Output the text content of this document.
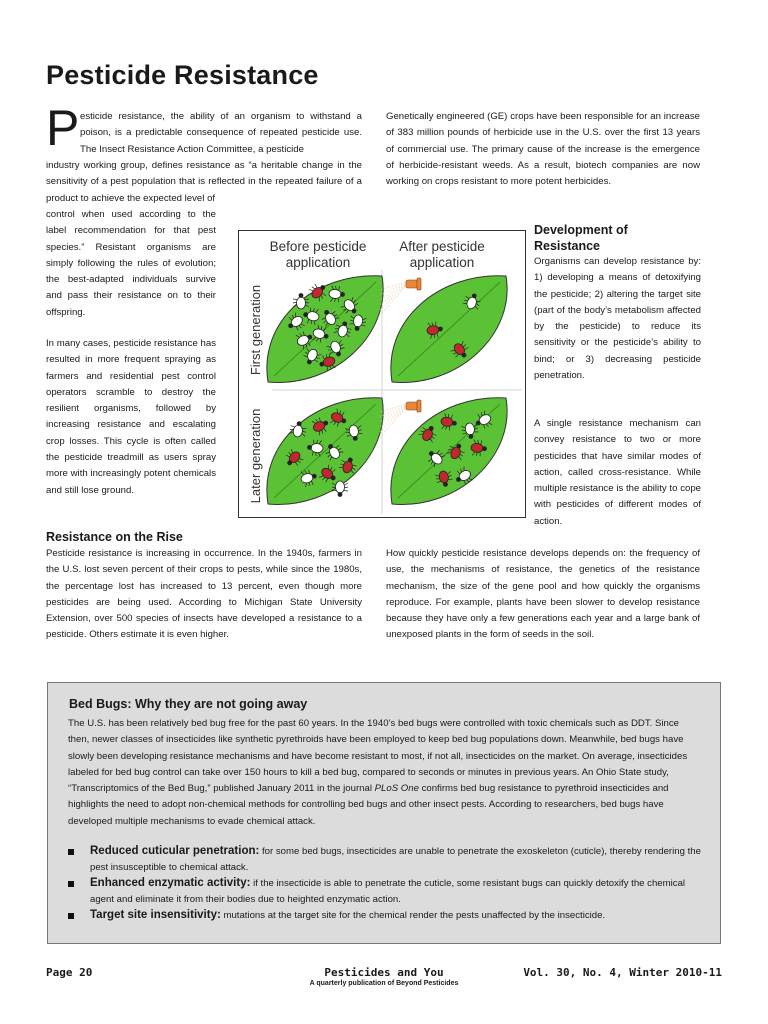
Pesticide Resistance
P esticide resistance, the ability of an organism to withstand a poison, is a predictable consequence of repeated pesticide use. The Insect Resistance Action Committee, a pesticide

industry working group, defines resistance as “a heritable change in the sensitivity of a pest population that is reflected in the repeated failure of a product to achieve the expected level of

control when used according to the label recommendation for that pest species.” Resistant organisms are simply following the rules of evolution; the best-adapted individuals survive and pass their resistance on to their offspring.

In many cases, pesticide resistance has resulted in more frequent spraying as farmers and residential pest control operators scramble to destroy the resilient organisms, followed by increasing resistance and escalating crop losses. This cycle is often called the pesticide treadmill as users spray more with increasingly potent chemicals and still lose ground.

Genetically engineered (GE) crops have been responsible for an increase of 383 million pounds of herbicide use in the U.S. over the first 13 years of commercial use. The primary cause of the increase is the emergence of herbicide-resistant weeds. As a result, biotech companies are now working on crops resistant to more potent herbicides.

Development of
Resistance

Organisms can develop resistance by: 1) developing a means of detoxifying the pesticide; 2) altering the target site (part of the body’s metabolism affected by the pesticide) to reduce its sensitivity or the pesticide’s ability to bind; or 3) decreasing pesticide penetration.

A single resistance mechanism can convey resistance to two or more pesticides that have similar modes of action, called cross-resistance. While multiple resistance is the ability to cope with pesticides of different modes of action.

Before pesticide
application
After pesticide
application
First generation
Later generation
Resistance on the Rise

Pesticide resistance is increasing in occurrence. In the 1940s, farmers in the U.S. lost seven percent of their crops to pests, while since the 1980s, the percentage lost has increased to 13 percent, even though more pesticides are being used. According to Michigan State University Extension, over 500 species of insects have developed a resistance to a pesticide. Others estimate it is even higher.

How quickly pesticide resistance develops depends on: the frequency of use, the mechanisms of resistance, the genetics of the resistance mechanism, the size of the gene pool and how quickly the organisms reproduce. For example, plants have been slower to develop resistance because they have only a few generations each year and a large bank of unexposed plants in the form of seeds in the soil.

Bed Bugs: Why they are not going away

The U.S. has been relatively bed bug free for the past 60 years. In the 1940’s bed bugs were controlled with toxic chemicals such as DDT. Since then, newer classes of insecticides like synthetic pyrethroids have been employed to keep bed bug populations down. Meanwhile, bed bugs have slowly been developing resistance mechanisms and have become resistant to most, if not all, insecticides on the market. On average, insecticides labeled for bed bug control can take over 150 hours to kill a bed bug, compared to seconds or minutes in previous years. An Ohio State study, “Transcriptomics of the Bed Bug,” published January 2011 in the journal PLoS One confirms bed bug resistance to pyrethroid insecticides and highlights the need to adopt non-chemical methods for controlling bed bugs and other insect pests. According to researchers, bed bugs have developed multiple mechanisms to evade chemical attack.

Reduced cuticular penetration: for some bed bugs, insecticides are unable to penetrate the exoskeleton (cuticle), thereby rendering the pest insusceptible to chemical attack.
Enhanced enzymatic activity: if the insecticide is able to penetrate the cuticle, some resistant bugs can quickly detoxify the chemical agent and eliminate it from their bodies due to heighted enzymatic action.
Target site insensitivity: mutations at the target site for the chemical render the pests unaffected by the insecticide.
Page 20	Pesticides and You
A quarterly publication of Beyond Pesticides
Vol. 30, No. 4, Winter 2010-11
